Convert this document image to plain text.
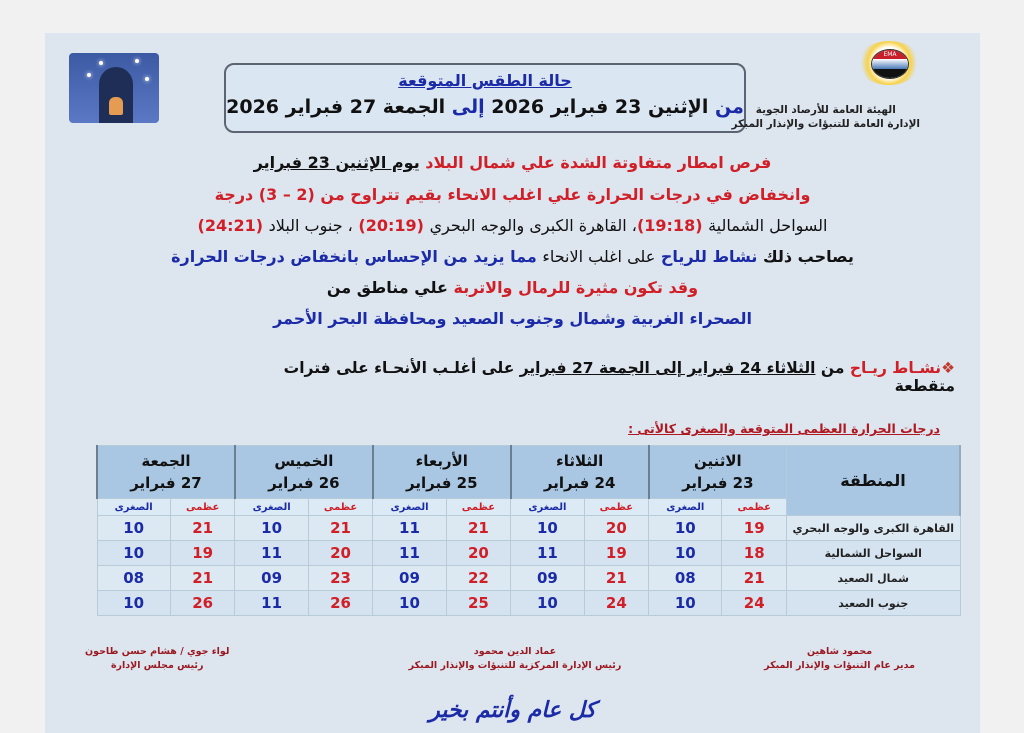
حالة الطقس المتوقعة
من الإثنين 23 فبراير 2026 إلى الجمعة 27 فبراير 2026
EMA
الهيئة العامة للأرصاد الجوية
الإدارة العامة للتنبؤات والإنذار المبكر
فرص امطار متفاوتة الشدة علي شمال البلاد يوم الإثنين 23 فبراير
وانخفاض في درجات الحرارة علي اغلب الانحاء بقيم تتراوح من (2 – 3) درجة
السواحل الشمالية (19:18)، القاهرة الكبرى والوجه البحري (20:19) ، جنوب البلاد (24:21)
يصاحب ذلك نشاط للرياح على اغلب الانحاء مما يزيد من الإحساس بانخفاض درجات الحرارة
وقد تكون مثيرة للرمال والاتربة علي مناطق من
الصحراء الغربية وشمال وجنوب الصعيد ومحافظة البحر الأحمر
❖نشـاط ريـاح من الثلاثاء 24 فبراير إلى الجمعة 27 فبراير على أغلـب الأنحـاء على فترات متقطعة
درجات الحرارة العظمى المتوقعة والصغرى كالأتى :
المنطقة	
الاثنين
23 فبراير

الثلاثاء
24 فبراير

الأربعاء
25 فبراير

الخميس
26 فبراير

الجمعة
27 فبراير

	عظمى	الصغرى	عظمى	الصغرى	عظمى	الصغرى	عظمى	الصغرى	عظمى	الصغرى
القاهرة الكبرى والوجه البحري	19	10	20	10	21	11	21	10	21	10
السواحل الشمالية	18	10	19	11	20	11	20	11	19	10
شمال الصعيد	21	08	21	09	22	09	23	09	21	08
جنوب الصعيد	24	10	24	10	25	10	26	11	26	10
محمود شاهين
مدير عام التنبؤات والإنذار المبكر
عماد الدين محمود
رئيس الإدارة المركزية للتنبؤات والإنذار المبكر
لواء جوي / هشام حسن طاحون
رئيس مجلس الإدارة
كل عام وأنتم بخير
